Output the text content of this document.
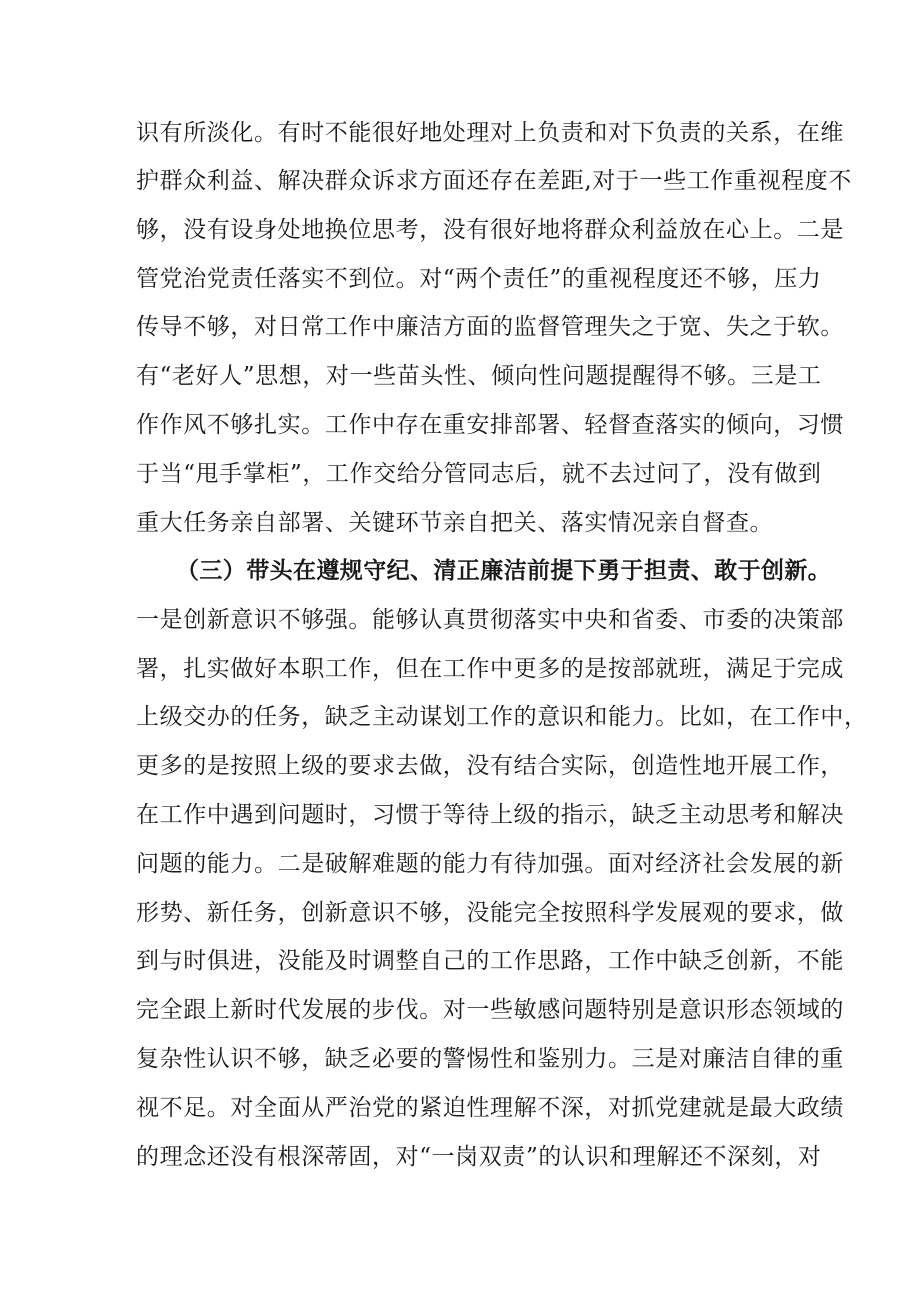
识有所淡化。有时不能很好地处理对上负责和对下负责的关系，在维

护群众利益、解决群众诉求方面还存在差距,对于一些工作重视程度不

够，没有设身处地换位思考，没有很好地将群众利益放在心上。二是

管党治党责任落实不到位。对“两个责任”的重视程度还不够，压力

传导不够，对日常工作中廉洁方面的监督管理失之于宽、失之于软。

有“老好人”思想，对一些苗头性、倾向性问题提醒得不够。三是工

作作风不够扎实。工作中存在重安排部署、轻督查落实的倾向，习惯

于当“甩手掌柜”，工作交给分管同志后，就不去过问了，没有做到

重大任务亲自部署、关键环节亲自把关、落实情况亲自督查。

（三）带头在遵规守纪、清正廉洁前提下勇于担责、敢于创新。

一是创新意识不够强。能够认真贯彻落实中央和省委、市委的决策部

署，扎实做好本职工作，但在工作中更多的是按部就班，满足于完成

上级交办的任务，缺乏主动谋划工作的意识和能力。比如，在工作中，

更多的是按照上级的要求去做，没有结合实际，创造性地开展工作，

在工作中遇到问题时，习惯于等待上级的指示，缺乏主动思考和解决

问题的能力。二是破解难题的能力有待加强。面对经济社会发展的新

形势、新任务，创新意识不够，没能完全按照科学发展观的要求，做

到与时俱进，没能及时调整自己的工作思路，工作中缺乏创新，不能

完全跟上新时代发展的步伐。对一些敏感问题特别是意识形态领域的

复杂性认识不够，缺乏必要的警惕性和鉴别力。三是对廉洁自律的重

视不足。对全面从严治党的紧迫性理解不深，对抓党建就是最大政绩

的理念还没有根深蒂固，对“一岗双责”的认识和理解还不深刻，对
